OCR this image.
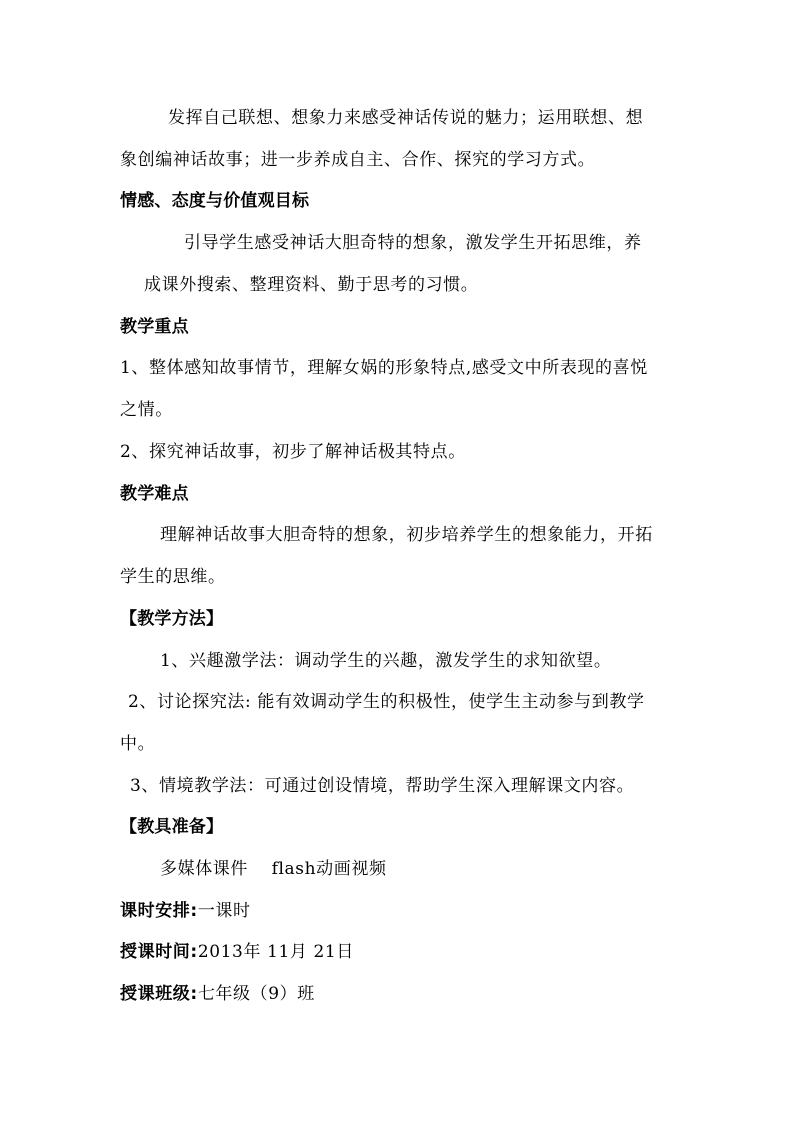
发挥自己联想、想象力来感受神话传说的魅力；运用联想、想
象创编神话故事；进一步养成自主、合作、探究的学习方式。
情感、态度与价值观目标
引导学生感受神话大胆奇特的想象，激发学生开拓思维，养
成课外搜索、整理资料、勤于思考的习惯。
教学重点
1、整体感知故事情节，理解女娲的形象特点,感受文中所表现的喜悦
之情。
2、探究神话故事，初步了解神话极其特点。
教学难点
理解神话故事大胆奇特的想象，初步培养学生的想象能力，开拓
学生的思维。
【教学方法】
1、兴趣激学法：调动学生的兴趣，激发学生的求知欲望。
2、讨论探究法: 能有效调动学生的积极性，使学生主动参与到教学
中。
3、情境教学法：可通过创设情境，帮助学生深入理解课文内容。
【教具准备】
多媒体课件　 flash动画视频
课时安排:一课时
授课时间:2013年 11月 21日
授课班级:七年级（9）班
